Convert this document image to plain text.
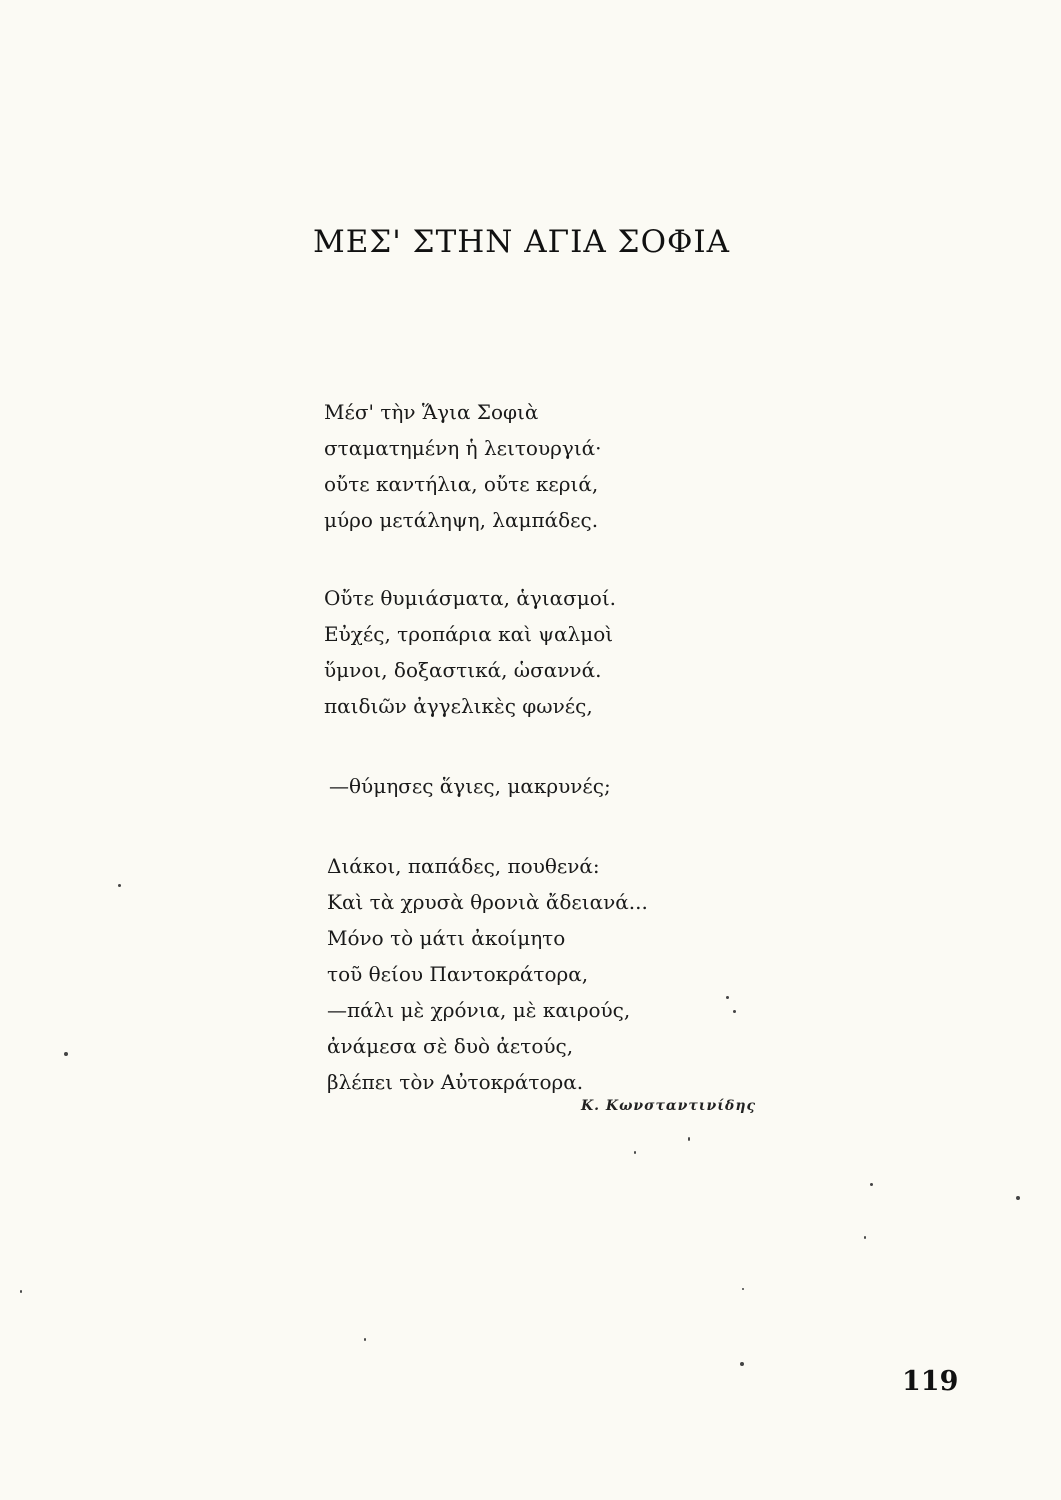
ΜΕΣ' ΣΤΗΝ ΑΓΙΑ ΣΟΦΙΑ
Μέσ' τὴν Ἅγια Σοφιὰ
σταματημένη ἡ λειτουργιά·
οὔτε καντήλια, οὔτε κεριά,
μύρο μετάληψη, λαμπάδες.
Οὔτε θυμιάσματα, ἁγιασμοί.
Εὐχές, τροπάρια καὶ ψαλμοὶ
ὕμνοι, δοξαστικά, ὡσαννά.
παιδιῶν ἀγγελικὲς φωνές,
—θύμησες ἅγιες, μακρυνές;
Διάκοι, παπάδες, πουθενά:
Καὶ τὰ χρυσὰ θρονιὰ ἄδειανά...
Μόνο τὸ μάτι ἀκοίμητο
τοῦ θείου Παντοκράτορα,
—πάλι μὲ χρόνια, μὲ καιρούς,
ἀνάμεσα σὲ δυὸ ἀετούς,
βλέπει τὸν Αὐτοκράτορα.
Κ. Κωνσταντινίδης
119
